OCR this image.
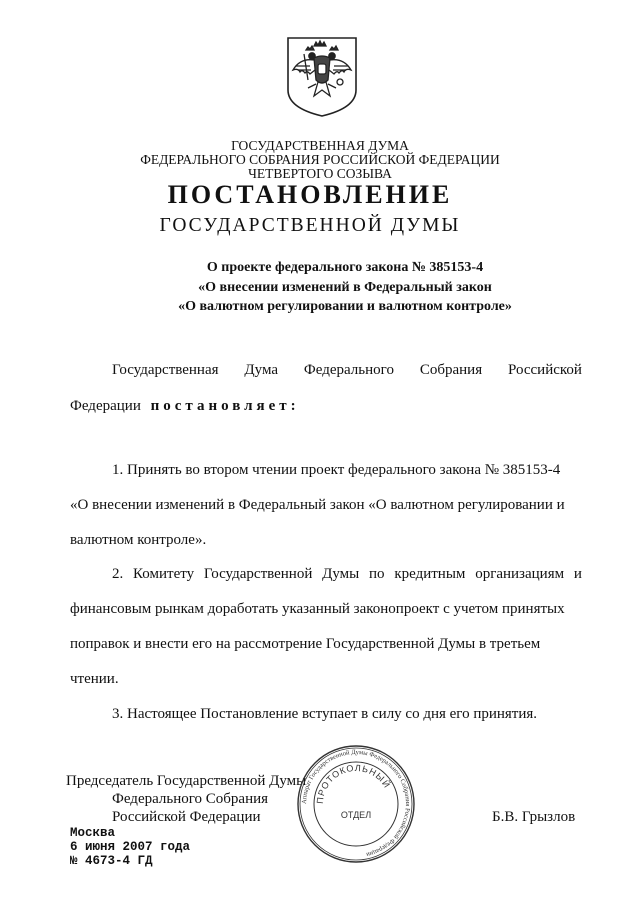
ГОСУДАРСТВЕННАЯ ДУМА
ФЕДЕРАЛЬНОГО СОБРАНИЯ РОССИЙСКОЙ ФЕДЕРАЦИИ
ЧЕТВЕРТОГО СОЗЫВА
ПОСТАНОВЛЕНИЕ
ГОСУДАРСТВЕННОЙ ДУМЫ
О проекте федерального закона № 385153-4
«О внесении изменений в Федеральный закон
«О валютном регулировании и валютном контроле»
Государственная Дума Федерального Собрания Российской
Федерации постановляет:
1. Принять во втором чтении проект федерального закона № 385153-4
«О внесении изменений в Федеральный закон «О валютном регулировании и
валютном контроле».
2. Комитету Государственной Думы по кредитным организациям и
финансовым рынкам доработать указанный законопроект с учетом принятых
поправок и внести его на рассмотрение Государственной Думы в третьем
чтении.
3. Настоящее Постановление вступает в силу со дня его принятия.
Председатель Государственной Думы
Федерального Собрания
Российской Федерации	Б.В. Грызлов
Аппарат Государственной Думы Федерального Собрания Российской Федерации
ПРОТОКОЛЬНЫЙ
ОТДЕЛ
Москва
6 июня 2007 года
№ 4673-4 ГД
